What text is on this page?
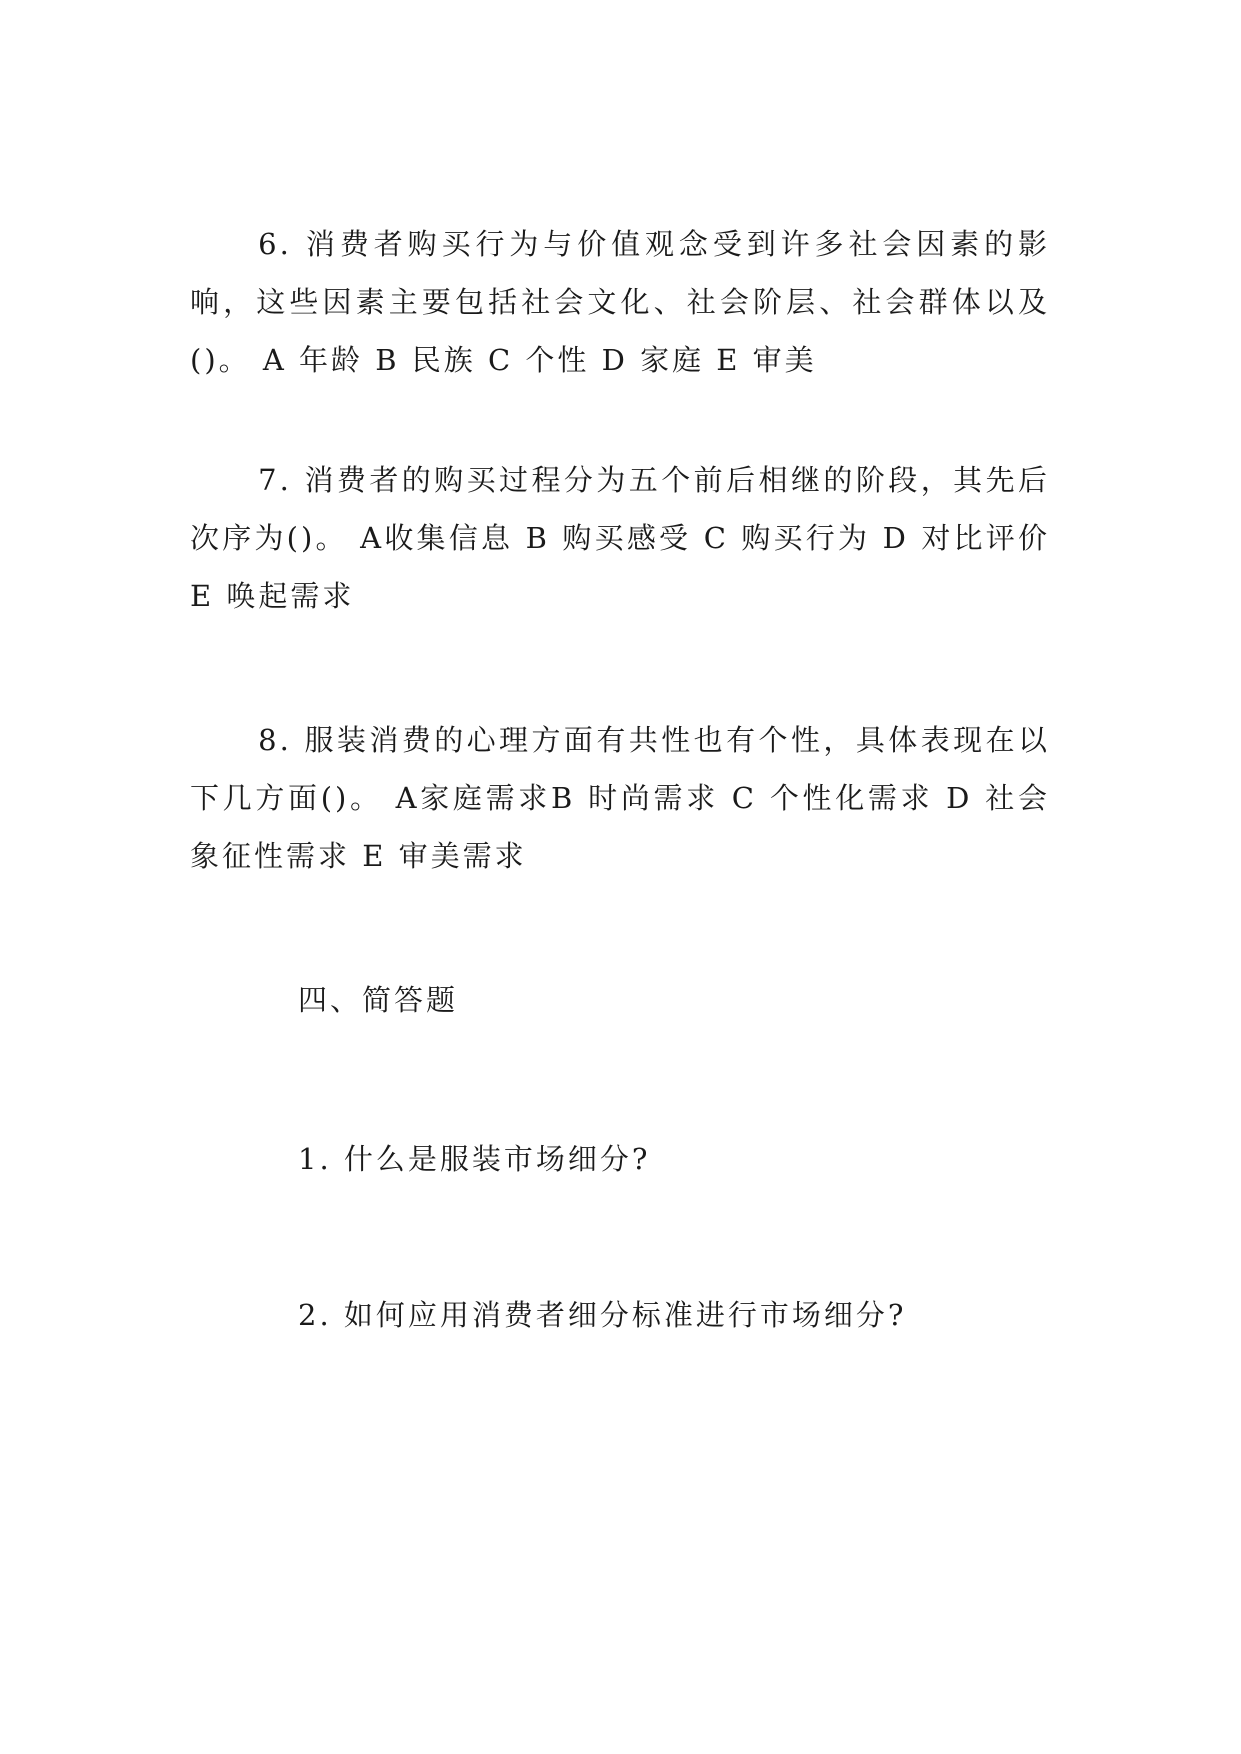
6. 消费者购买行为与价值观念受到许多社会因素的影响，这些因素主要包括社会文化、社会阶层、社会群体以及()。 A 年龄 B 民族 C 个性 D 家庭 E 审美

7. 消费者的购买过程分为五个前后相继的阶段，其先后次序为()。 A收集信息 B 购买感受 C 购买行为 D 对比评价 E 唤起需求

8. 服装消费的心理方面有共性也有个性，具体表现在以下几方面()。 A家庭需求B 时尚需求 C 个性化需求 D 社会象征性需求 E 审美需求

四、简答题

1. 什么是服装市场细分?

2. 如何应用消费者细分标准进行市场细分?
